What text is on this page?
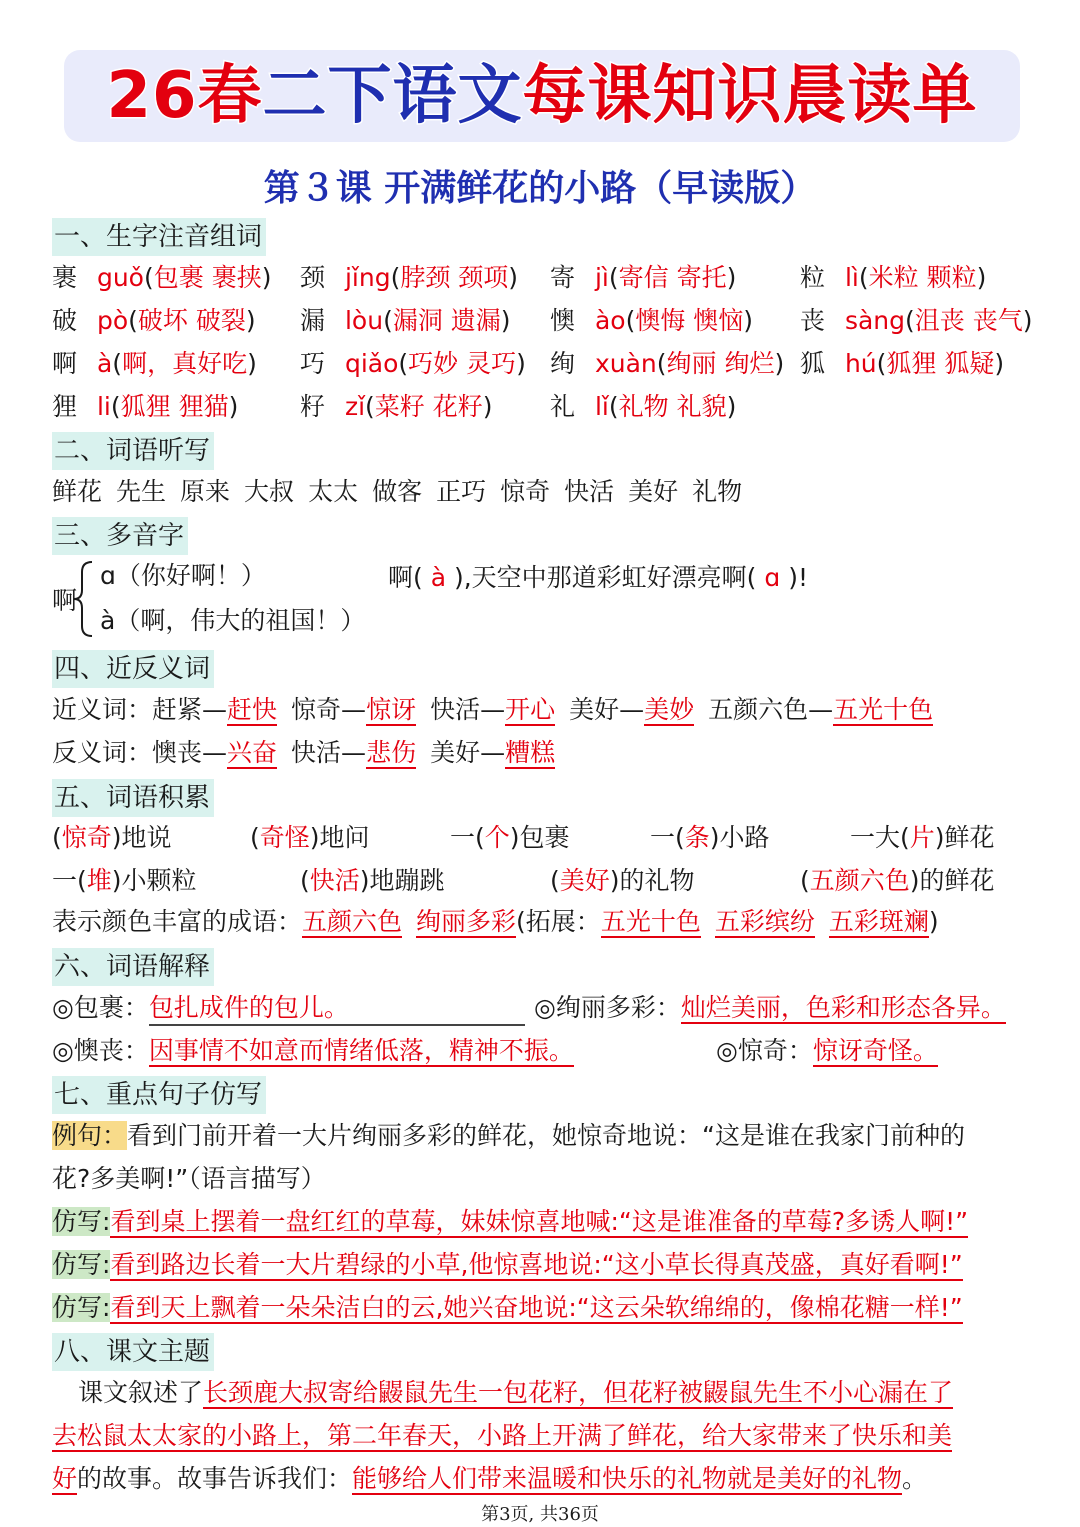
26春二下语文每课知识晨读单
第３课 开满鲜花的小路（早读版）
一、生字注音组词
裹 guǒ(包裹 裹挟) 颈 jǐng(脖颈 颈项) 寄 jì(寄信 寄托)	粒 lì(米粒 颗粒)
破 pò(破坏 破裂) 漏 lòu(漏洞 遗漏) 懊 ào(懊悔 懊恼) 丧 sàng(沮丧 丧气)
啊 à(啊，真好吃) 巧 qiǎo(巧妙 灵巧) 绚 xuàn(绚丽 绚烂) 狐 hú(狐狸 狐疑)
狸 li(狐狸 狸猫) 籽 zǐ(菜籽 花籽) 礼 lǐ(礼物 礼貌)
二、词语听写
鲜花 先生 原来 大叔 太太 做客 正巧 惊奇 快活 美好 礼物
三、多音字
啊
ɑ（你好啊！）
à（啊，伟大的祖国！）
啊( à ),天空中那道彩虹好漂亮啊( ɑ )!
四、近反义词
近义词：赶紧—赶快 惊奇—惊讶 快活—开心 美好—美妙 五颜六色—五光十色
反义词：懊丧—兴奋 快活—悲伤 美好—糟糕
五、词语积累
(惊奇)地说	(奇怪)地问	一(个)包裹	一(条)小路	一大(片)鲜花
一(堆)小颗粒	(快活)地蹦跳	(美好)的礼物	(五颜六色)的鲜花
表示颜色丰富的成语：五颜六色 绚丽多彩(拓展：五光十色 五彩缤纷 五彩斑斓)
六、词语解释
◎包裹：包扎成件的包儿。	◎绚丽多彩：灿烂美丽，色彩和形态各异。
◎懊丧：因事情不如意而情绪低落，精神不振。	◎惊奇：惊讶奇怪。
七、重点句子仿写
例句：看到门前开着一大片绚丽多彩的鲜花，她惊奇地说：“这是谁在我家门前种的
花?多美啊!”（语言描写）
仿写:看到桌上摆着一盘红红的草莓，妹妹惊喜地喊:“这是谁准备的草莓?多诱人啊!”
仿写:看到路边长着一大片碧绿的小草,他惊喜地说:“这小草长得真茂盛，真好看啊!”
仿写:看到天上飘着一朵朵洁白的云,她兴奋地说:“这云朵软绵绵的，像棉花糖一样!”
八、课文主题
课文叙述了长颈鹿大叔寄给鼹鼠先生一包花籽，但花籽被鼹鼠先生不小心漏在了
去松鼠太太家的小路上，第二年春天，小路上开满了鲜花，给大家带来了快乐和美
好的故事。故事告诉我们：能够给人们带来温暖和快乐的礼物就是美好的礼物。
第3页, 共36页
